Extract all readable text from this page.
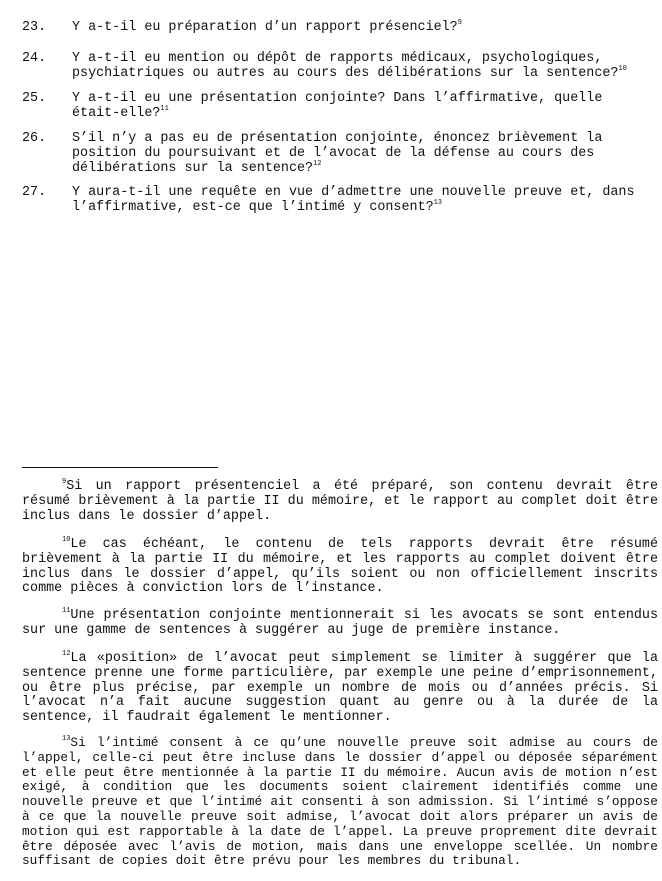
23.	Y a-t-il eu préparation d’un rapport présenciel?$^9$
24.	Y a-t-il eu mention ou dépôt de rapports médicaux, psychologiques, psychiatriques ou autres au cours des délibérations sur la sentence?$^{10}$
25.	Y a-t-il eu une présentation conjointe? Dans l’affirmative, quelle était-elle?$^{11}$
26.	S’il n’y a pas eu de présentation conjointe, énoncez brièvement la position du poursuivant et de l’avocat de la défense au cours des délibérations sur la sentence?$^{12}$
27.	Y aura-t-il une requête en vue d’admettre une nouvelle preuve et, dans l’affirmative, est-ce que l’intimé y consent?$^{13}$
$^9$Si un rapport présentenciel a été préparé, son contenu devrait être résumé brièvement à la partie II du mémoire, et le rapport au complet doit être inclus dans le dossier d’appel.
$^{10}$Le cas échéant, le contenu de tels rapports devrait être résumé brièvement à la partie II du mémoire, et les rapports au complet doivent être inclus dans le dossier d’appel, qu’ils soient ou non officiellement inscrits comme pièces à conviction lors de l’instance.
$^{11}$Une présentation conjointe mentionnerait si les avocats se sont entendus sur une gamme de sentences à suggérer au juge de première instance.
$^{12}$La «position» de l’avocat peut simplement se limiter à suggérer que la sentence prenne une forme particulière, par exemple une peine d’emprisonnement, ou être plus précise, par exemple un nombre de mois ou d’années précis. Si l’avocat n’a fait aucune suggestion quant au genre ou à la durée de la sentence, il faudrait également le mentionner.
$^{13}$Si l’intimé consent à ce qu’une nouvelle preuve soit admise au cours de l’appel, celle-ci peut être incluse dans le dossier d’appel ou déposée séparément et elle peut être mentionnée à la partie II du mémoire. Aucun avis de motion n’est exigé, à condition que les documents soient clairement identifiés comme une nouvelle preuve et que l’intimé ait consenti à son admission. Si l’intimé s’oppose à ce que la nouvelle preuve soit admise, l’avocat doit alors préparer un avis de motion qui est rapportable à la date de l’appel. La preuve proprement dite devrait être déposée avec l’avis de motion, mais dans une enveloppe scellée. Un nombre suffisant de copies doit être prévu pour les membres du tribunal.
